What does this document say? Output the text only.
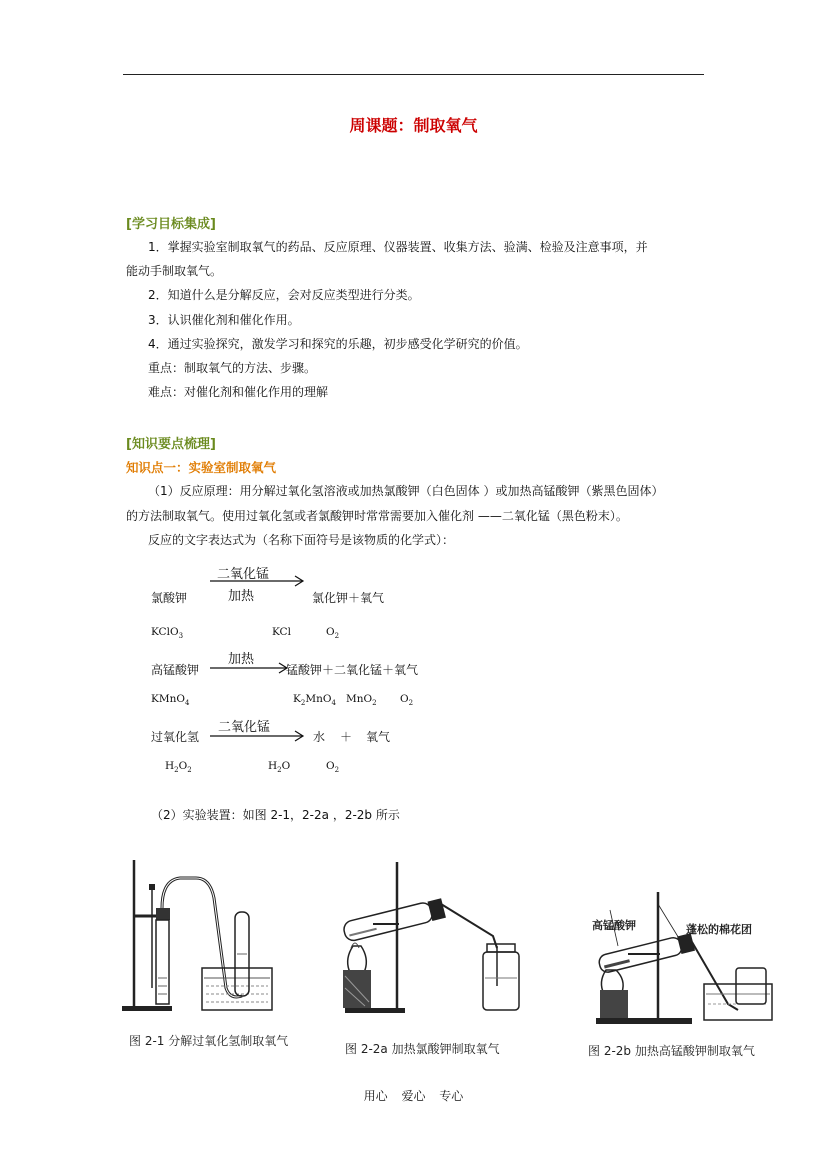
周课题：制取氧气
[学习目标集成]
1．掌握实验室制取氧气的药品、反应原理、仪器装置、收集方法、验满、检验及注意事项，并
能动手制取氧气。
2．知道什么是分解反应，会对反应类型进行分类。
3．认识催化剂和催化作用。
4．通过实验探究，激发学习和探究的乐趣，初步感受化学研究的价值。
重点：制取氧气的方法、步骤。
难点：对催化剂和催化作用的理解
[知识要点梳理]
知识点一：实验室制取氧气
（1）反应原理：用分解过氧化氢溶液或加热氯酸钾（白色固体 ）或加热高锰酸钾（紫黑色固体）
的方法制取氧气。使用过氧化氢或者氯酸钾时常常需要加入催化剂 ——二氧化锰（黑色粉末）。
反应的文字表达式为（名称下面符号是该物质的化学式）：
二氧化锰
加热
氯酸钾	氯化钾＋氧气
KClO$_3$	KCl	$O_2$
加热
高锰酸钾	锰酸钾＋二氧化锰＋氧气
KMnO$_4$	$K_2MnO_4$ MnO$_2$ $O_2$
二氧化锰
过氧化氢	水 ＋ 氧气
$H_2O_2$	$H_2O$	$O_2$
（2）实验装置：如图 2-1，2-2a ，2-2b 所示
图 2-1 分解过氧化氢制取氧气
图 2-2a 加热氯酸钾制取氧气
高锰酸钾	蓬松的棉花团
图 2-2b 加热高锰酸钾制取氧气
用心 爱心 专心
